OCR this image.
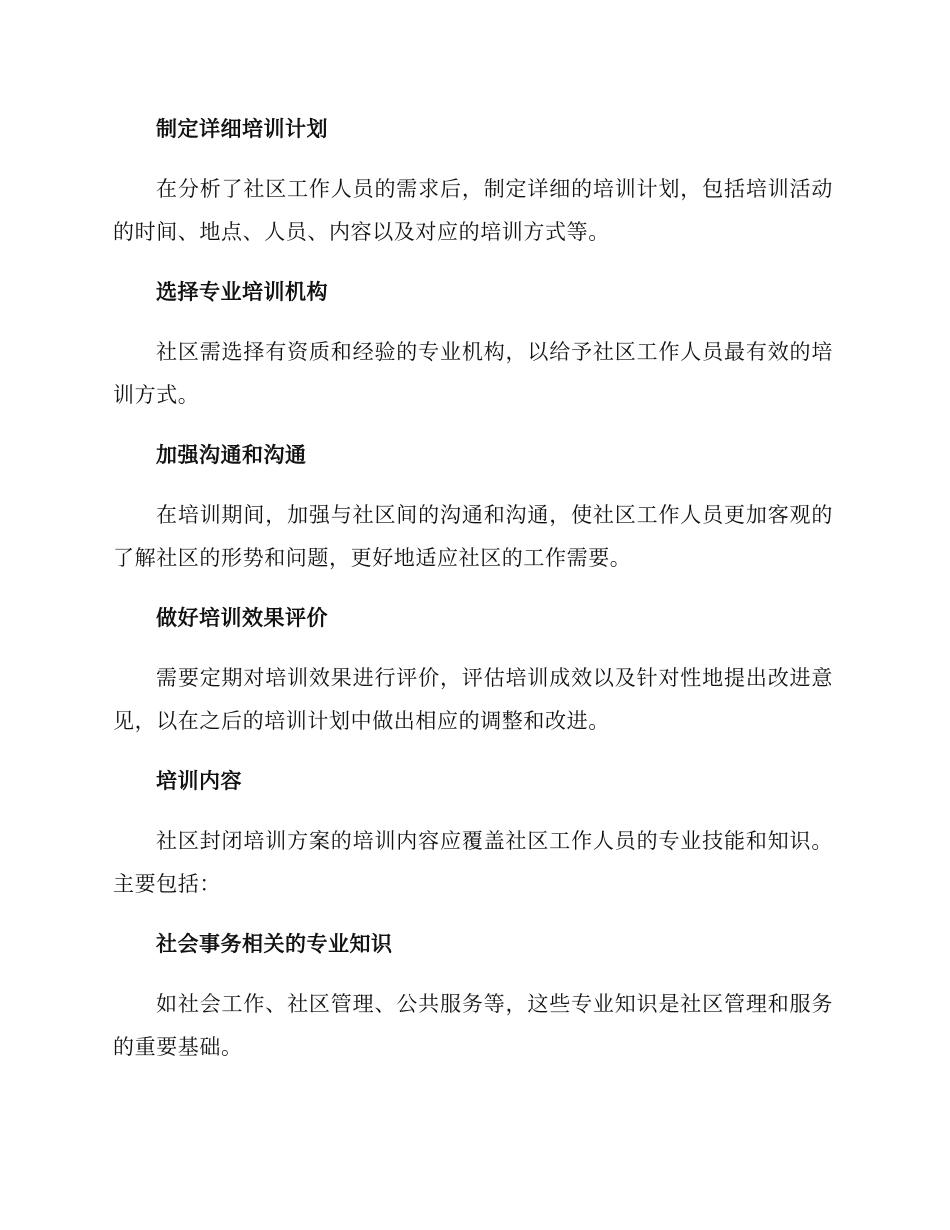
制定详细培训计划

在分析了社区工作人员的需求后，制定详细的培训计划，包括培训活动的时间、地点、人员、内容以及对应的培训方式等。

选择专业培训机构

社区需选择有资质和经验的专业机构，以给予社区工作人员最有效的培训方式。

加强沟通和沟通

在培训期间，加强与社区间的沟通和沟通，使社区工作人员更加客观的了解社区的形势和问题，更好地适应社区的工作需要。

做好培训效果评价

需要定期对培训效果进行评价，评估培训成效以及针对性地提出改进意见，以在之后的培训计划中做出相应的调整和改进。

培训内容

社区封闭培训方案的培训内容应覆盖社区工作人员的专业技能和知识。主要包括：

社会事务相关的专业知识

如社会工作、社区管理、公共服务等，这些专业知识是社区管理和服务的重要基础。
